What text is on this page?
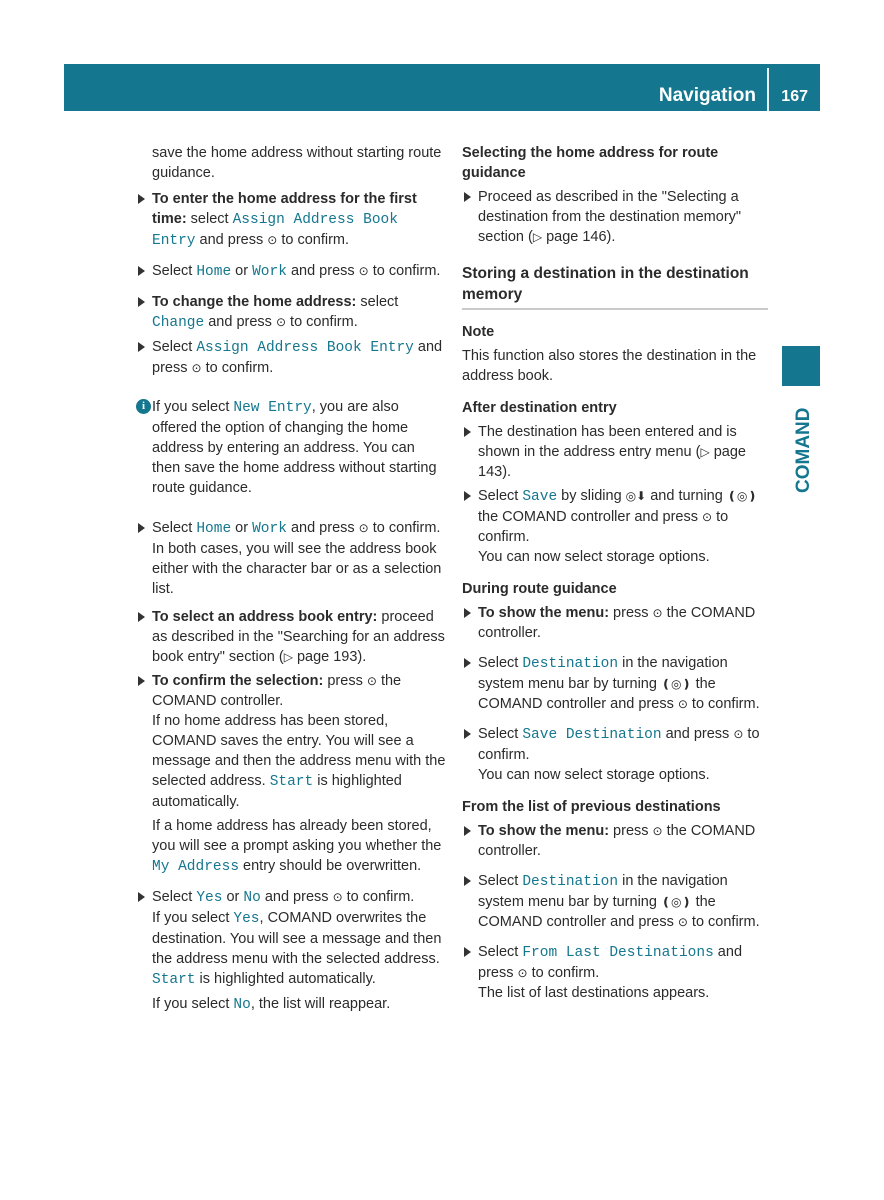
Navigation 167
COMAND

save the home address without starting route guidance.

To enter the home address for the first time: select Assign Address Book Entry and press ⊙ to confirm.

Select Home or Work and press ⊙ to confirm.

To change the home address: select Change and press ⊙ to confirm.

Select Assign Address Book Entry and press ⊙ to confirm.

i If you select New Entry, you are also offered the option of changing the home address by entering an address. You can then save the home address without starting route guidance.

Select Home or Work and press ⊙ to confirm.

In both cases, you will see the address book either with the character bar or as a selection list.

To select an address book entry: proceed as described in the "Searching for an address book entry" section (▷ page 193).

To confirm the selection: press ⊙ the COMAND controller.

If no home address has been stored, COMAND saves the entry. You will see a message and then the address menu with the selected address. Start is highlighted automatically.

If a home address has already been stored, you will see a prompt asking you whether the My Address entry should be overwritten.

Select Yes or No and press ⊙ to confirm.

If you select Yes, COMAND overwrites the destination. You will see a message and then the address menu with the selected address. Start is highlighted automatically.

If you select No, the list will reappear.

Selecting the home address for route guidance

Proceed as described in the "Selecting a destination from the destination memory" section (▷ page 146).

Storing a destination in the destination memory

Note

This function also stores the destination in the address book.

After destination entry

The destination has been entered and is shown in the address entry menu (▷ page 143).

Select Save by sliding ◎⬇ and turning ❪◎❫ the COMAND controller and press ⊙ to confirm.

You can now select storage options.

During route guidance

To show the menu: press ⊙ the COMAND controller.

Select Destination in the navigation system menu bar by turning ❪◎❫ the COMAND controller and press ⊙ to confirm.

Select Save Destination and press ⊙ to confirm.

You can now select storage options.

From the list of previous destinations

To show the menu: press ⊙ the COMAND controller.

Select Destination in the navigation system menu bar by turning ❪◎❫ the COMAND controller and press ⊙ to confirm.

Select From Last Destinations and press ⊙ to confirm.

The list of last destinations appears.
